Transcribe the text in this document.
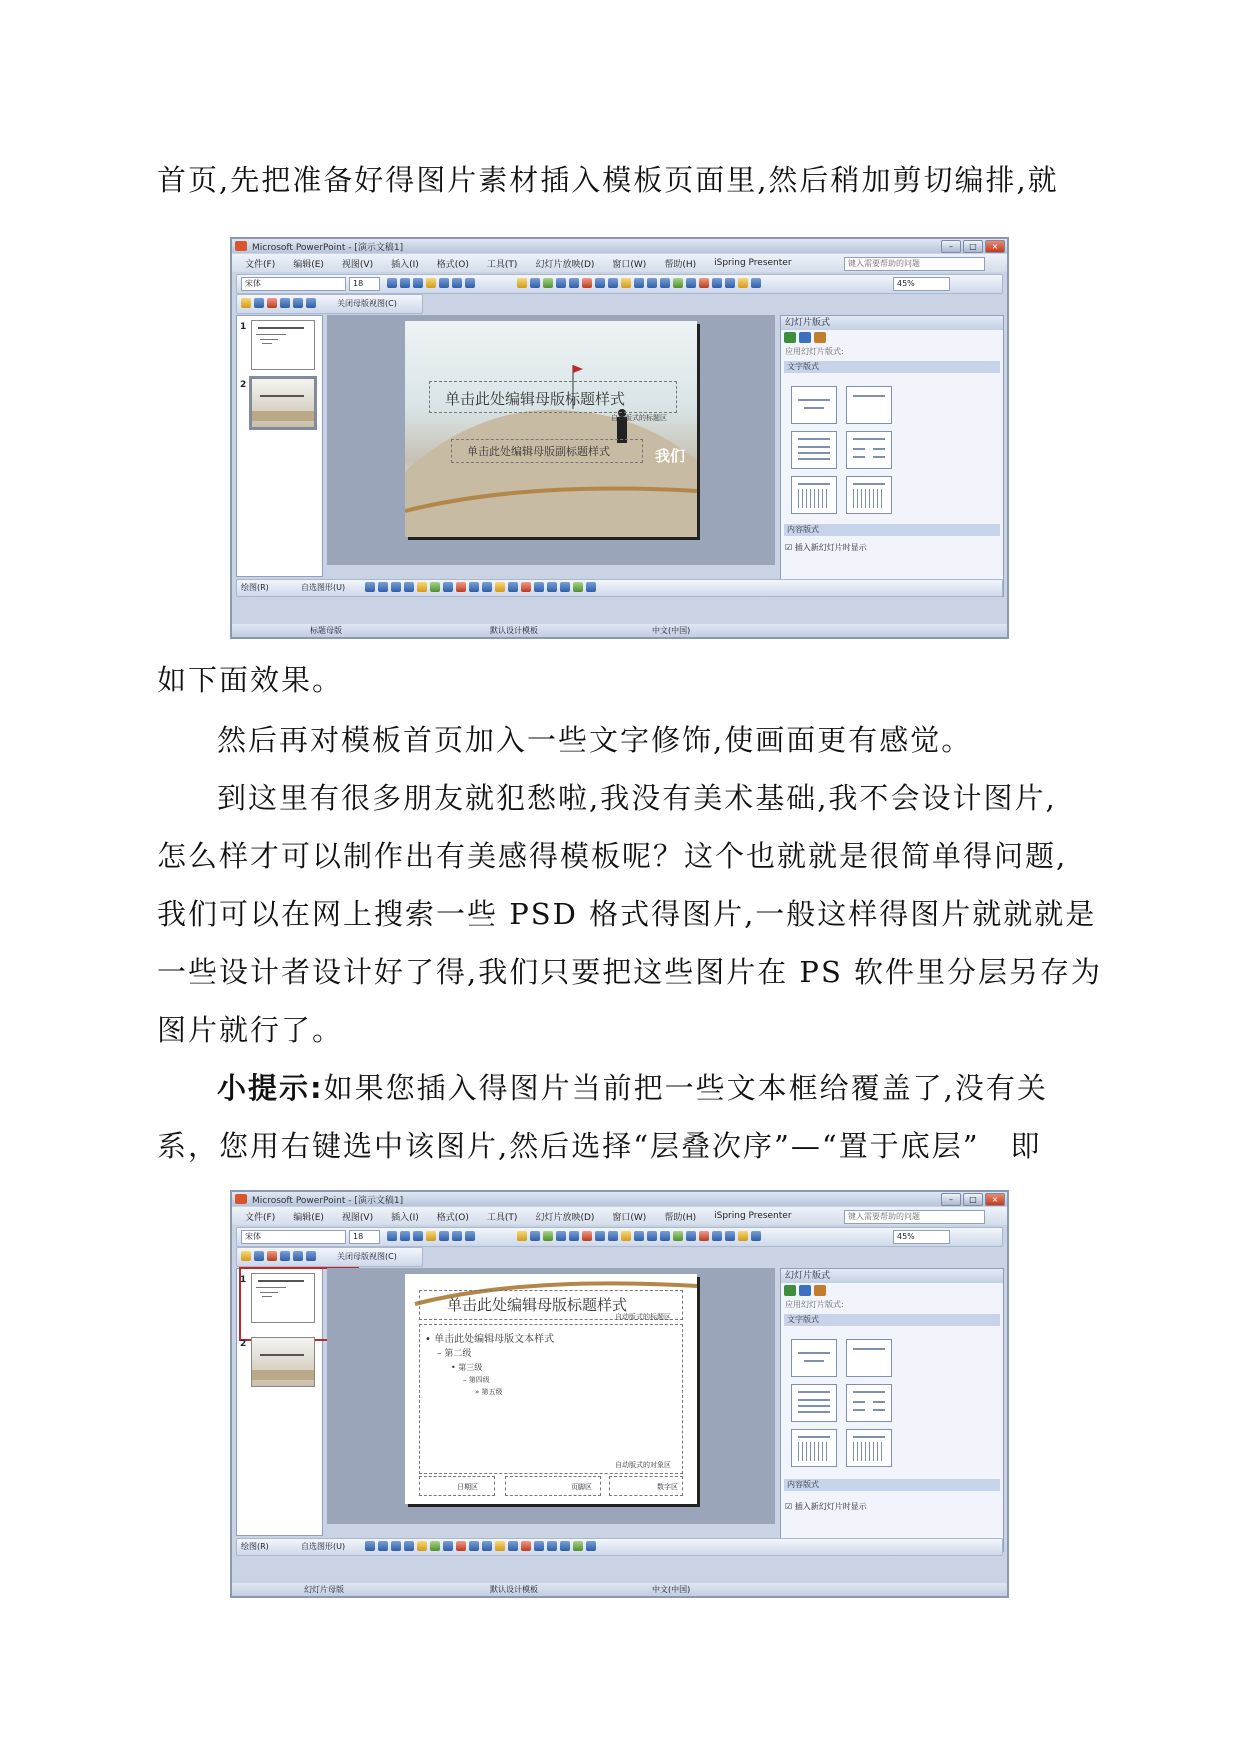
首页,先把准备好得图片素材插入模板页面里,然后稍加剪切编排,就
Microsoft PowerPoint - [演示文稿1]	–	□	×
文件(F)	编辑(E)	视图(V)	插入(I)	格式(O)	工具(T)	幻灯片放映(D)	窗口(W)	帮助(H)	iSpring Presenter	键入需要帮助的问题
宋体	18	45%
关闭母版视图(C)
1
2
单击此处编辑母版标题样式
自动版式的标题区
单击此处编辑母版副标题样式	我们
幻灯片版式
应用幻灯片版式:
文字版式
内容版式
☑ 插入新幻灯片时显示
绘图(R)	自选图形(U)
标题母版	默认设计模板	中文(中国)
如下面效果。
然后再对模板首页加入一些文字修饰,使画面更有感觉。
到这里有很多朋友就犯愁啦,我没有美术基础,我不会设计图片,
怎么样才可以制作出有美感得模板呢？这个也就就是很简单得问题,
我们可以在网上搜索一些 PSD 格式得图片,一般这样得图片就就就是
一些设计者设计好了得,我们只要把这些图片在 PS 软件里分层另存为
图片就行了。
小提示:如果您插入得图片当前把一些文本框给覆盖了,没有关
系，您用右键选中该图片,然后选择“层叠次序”—“置于底层”　即
Microsoft PowerPoint - [演示文稿1]	–	□	×
文件(F)	编辑(E)	视图(V)	插入(I)	格式(O)	工具(T)	幻灯片放映(D)	窗口(W)	帮助(H)	iSpring Presenter	键入需要帮助的问题
宋体	18	45%
关闭母版视图(C)
1
2
单击此处编辑母版标题样式
自动版式的标题区
• 单击此处编辑母版文本样式
– 第二级
• 第三级
– 第四级
» 第五级
自动版式的对象区
日期区	页脚区	数字区
幻灯片版式
应用幻灯片版式:
文字版式
内容版式
☑ 插入新幻灯片时显示
绘图(R)	自选图形(U)
幻灯片母版	默认设计模板	中文(中国)
